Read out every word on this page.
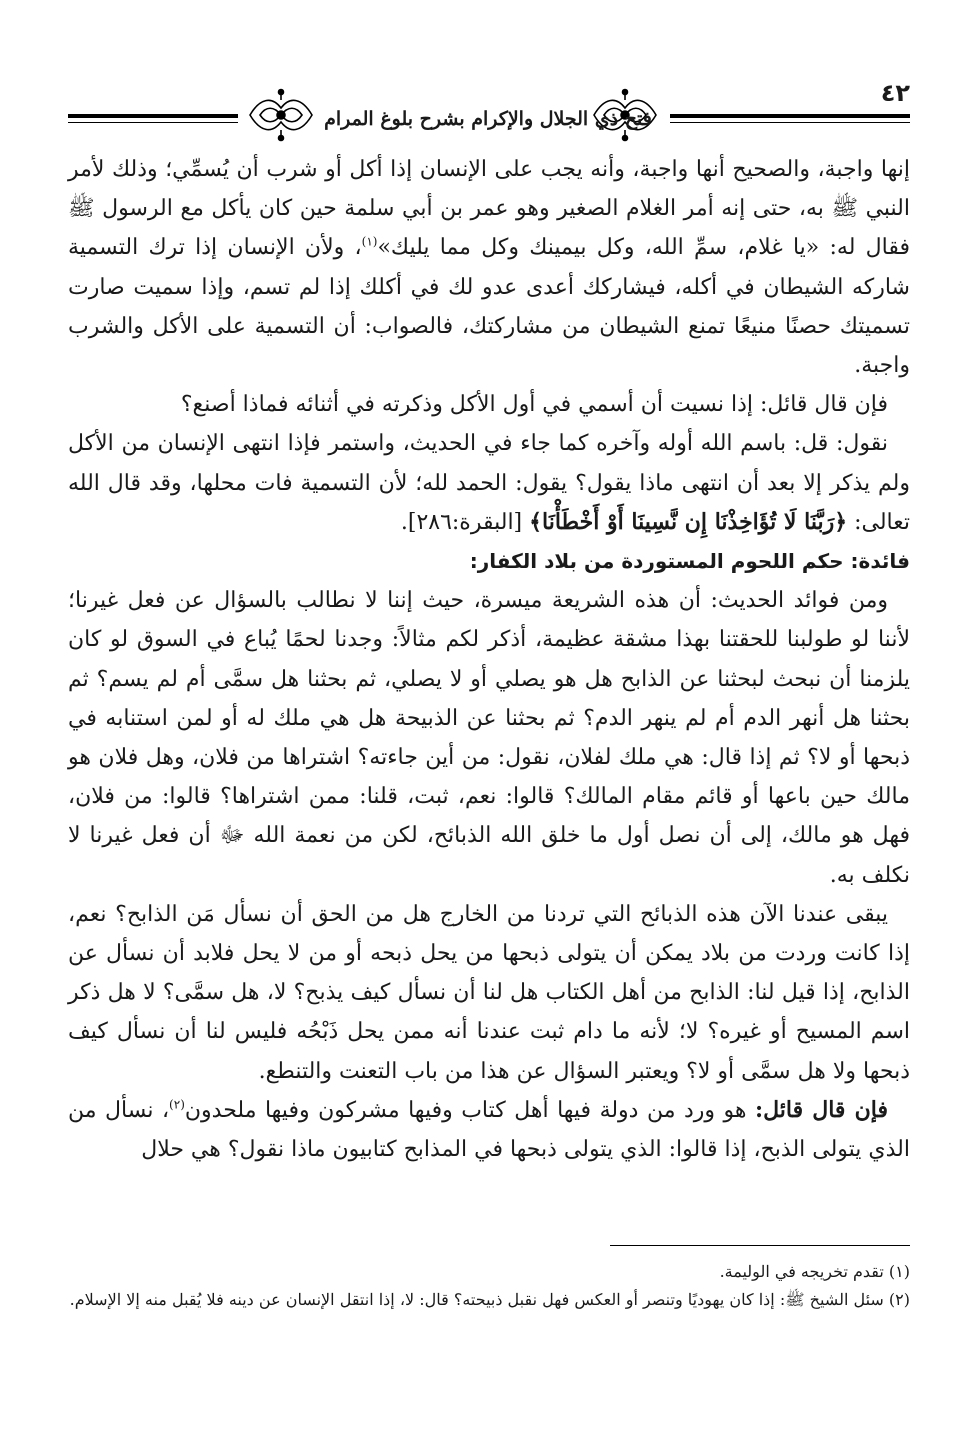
٤٢
فتح ذي الجلال والإكرام بشرح بلوغ المرام

إنها واجبة، والصحيح أنها واجبة، وأنه يجب على الإنسان إذا أكل أو شرب أن يُسمِّي؛ وذلك لأمر النبي ﷺ به، حتى إنه أمر الغلام الصغير وهو عمر بن أبي سلمة حين كان يأكل مع الرسول ﷺ فقال له: «يا غلام، سمِّ الله، وكل بيمينك وكل مما يليك»$^{(١)}$، ولأن الإنسان إذا ترك التسمية شاركه الشيطان في أكله، فيشاركك أعدى عدو لك في أكلك إذا لم تسم، وإذا سميت صارت تسميتك حصنًا منيعًا تمنع الشيطان من مشاركتك، فالصواب: أن التسمية على الأكل والشرب واجبة.

فإن قال قائل: إذا نسيت أن أسمي في أول الأكل وذكرته في أثنائه فماذا أصنع؟

نقول: قل: باسم الله أوله وآخره كما جاء في الحديث، واستمر فإذا انتهى الإنسان من الأكل ولم يذكر إلا بعد أن انتهى ماذا يقول؟ يقول: الحمد لله؛ لأن التسمية فات محلها، وقد قال الله تعالى: ﴿رَبَّنَا لَا تُؤَاخِذْنَا إِن نَّسِينَا أَوْ أَخْطَأْنَا﴾ [البقرة:٢٨٦].

فائدة: حكم اللحوم المستوردة من بلاد الكفار:

ومن فوائد الحديث: أن هذه الشريعة ميسرة، حيث إننا لا نطالب بالسؤال عن فعل غيرنا؛ لأننا لو طولبنا للحقتنا بهذا مشقة عظيمة، أذكر لكم مثالاً: وجدنا لحمًا يُباع في السوق لو كان يلزمنا أن نبحث لبحثنا عن الذابح هل هو يصلي أو لا يصلي، ثم بحثنا هل سمَّى أم لم يسم؟ ثم بحثنا هل أنهر الدم أم لم ينهر الدم؟ ثم بحثنا عن الذبيحة هل هي ملك له أو لمن استنابه في ذبحها أو لا؟ ثم إذا قال: هي ملك لفلان، نقول: من أين جاءته؟ اشتراها من فلان، وهل فلان هو مالك حين باعها أو قائم مقام المالك؟ قالوا: نعم، ثبت، قلنا: ممن اشتراها؟ قالوا: من فلان، فهل هو مالك، إلى أن نصل أول ما خلق الله الذبائح، لكن من نعمة الله ﷻ أن فعل غيرنا لا نكلف به.

يبقى عندنا الآن هذه الذبائح التي تردنا من الخارج هل من الحق أن نسأل مَن الذابح؟ نعم، إذا كانت وردت من بلاد يمكن أن يتولى ذبحها من يحل ذبحه أو من لا يحل فلابد أن نسأل عن الذابح، إذا قيل لنا: الذابح من أهل الكتاب هل لنا أن نسأل كيف يذبح؟ لا، هل سمَّى؟ لا هل ذكر اسم المسيح أو غيره؟ لا؛ لأنه ما دام ثبت عندنا أنه ممن يحل ذَبْحُه فليس لنا أن نسأل كيف ذبحها ولا هل سمَّى أو لا؟ ويعتبر السؤال عن هذا من باب التعنت والتنطع.

فإن قال قائل: هو ورد من دولة فيها أهل كتاب وفيها مشركون وفيها ملحدون$^{(٢)}$، نسأل من الذي يتولى الذبح، إذا قالوا: الذي يتولى ذبحها في المذابح كتابيون ماذا نقول؟ هي حلال

(١) تقدم تخريجه في الوليمة.

(٢) سئل الشيخ ﷺ: إذا كان يهوديًا وتنصر أو العكس فهل نقبل ذبيحته؟ قال: لا، إذا انتقل الإنسان عن دينه فلا يُقبل منه إلا الإسلام.
